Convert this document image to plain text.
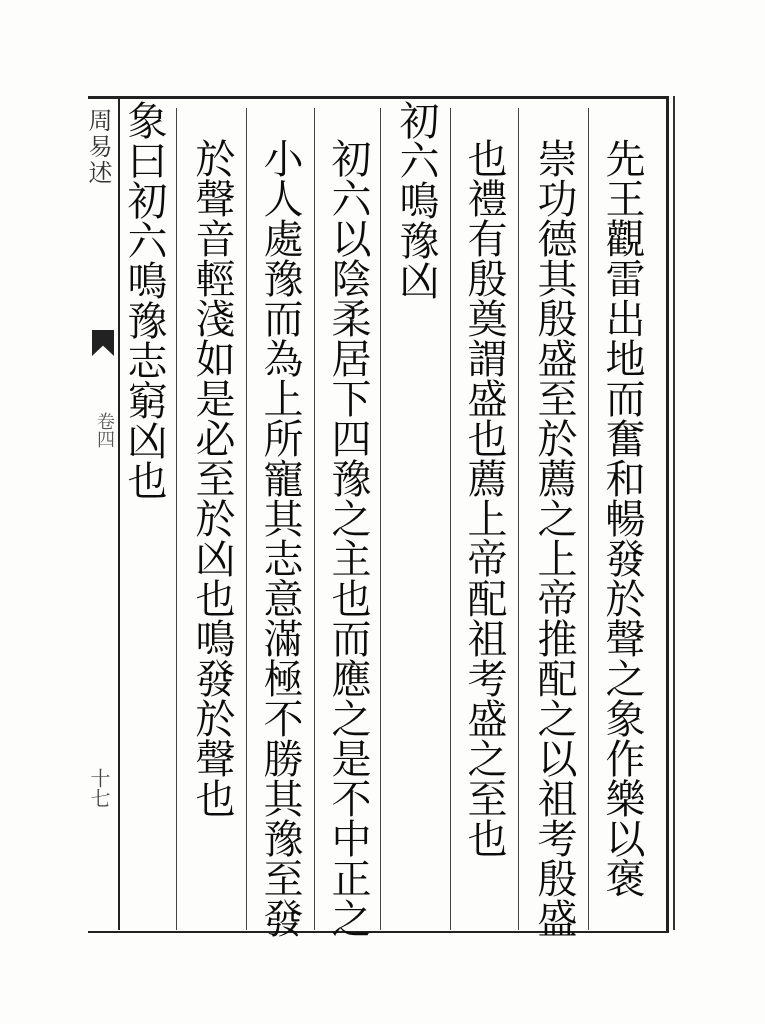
周易述
卷四
十七	先王觀雷出地而奮和暢發於聲之象作樂以褒
崇功德其殷盛至於薦之上帝推配之以祖考殷盛
也禮有殷奠謂盛也薦上帝配祖考盛之至也
初六鳴豫凶
初六以陰柔居下四豫之主也而應之是不中正之
小人處豫而為上所寵其志意滿極不勝其豫至發
於聲音輕淺如是必至於凶也鳴發於聲也
象曰初六鳴豫志窮凶也
